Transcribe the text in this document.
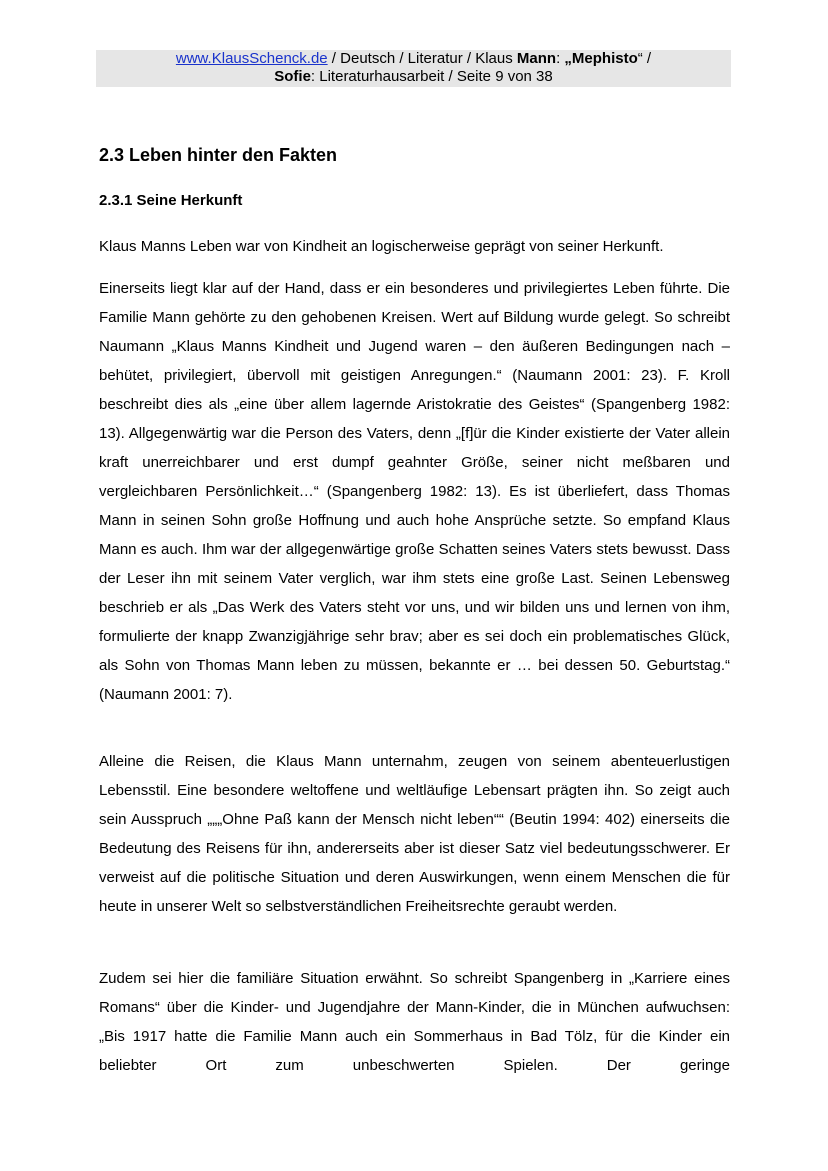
www.KlausSchenck.de / Deutsch / Literatur / Klaus Mann: „Mephisto“ /
Sofie: Literaturhausarbeit / Seite 9 von 38
2.3 Leben hinter den Fakten
2.3.1 Seine Herkunft

Klaus Manns Leben war von Kindheit an logischerweise geprägt von seiner Herkunft.

Einerseits liegt klar auf der Hand, dass er ein besonderes und privilegiertes Leben führte. Die Familie Mann gehörte zu den gehobenen Kreisen. Wert auf Bildung wurde gelegt. So schreibt Naumann „Klaus Manns Kindheit und Jugend waren – den äußeren Bedingungen nach – behütet, privilegiert, übervoll mit geistigen Anregungen.“ (Naumann 2001: 23). F. Kroll beschreibt dies als „eine über allem lagernde Aristokratie des Geistes“ (Spangenberg 1982: 13). Allgegenwärtig war die Person des Vaters, denn „[f]ür die Kinder existierte der Vater allein kraft unerreichbarer und erst dumpf geahnter Größe, seiner nicht meßbaren und vergleichbaren Persönlichkeit…“ (Spangenberg 1982: 13). Es ist überliefert, dass Thomas Mann in seinen Sohn große Hoffnung und auch hohe Ansprüche setzte. So empfand Klaus Mann es auch. Ihm war der allgegenwärtige große Schatten seines Vaters stets bewusst. Dass der Leser ihn mit seinem Vater verglich, war ihm stets eine große Last. Seinen Lebensweg beschrieb er als „Das Werk des Vaters steht vor uns, und wir bilden uns und lernen von ihm, formulierte der knapp Zwanzigjährige sehr brav; aber es sei doch ein problematisches Glück, als Sohn von Thomas Mann leben zu müssen, bekannte er … bei dessen 50. Geburtstag.“ (Naumann 2001: 7).

Alleine die Reisen, die Klaus Mann unternahm, zeugen von seinem abenteuerlustigen Lebensstil. Eine besondere weltoffene und weltläufige Lebensart prägten ihn. So zeigt auch sein Ausspruch „„„Ohne Paß kann der Mensch nicht leben““ (Beutin 1994: 402) einerseits die Bedeutung des Reisens für ihn, andererseits aber ist dieser Satz viel bedeutungsschwerer. Er verweist auf die politische Situation und deren Auswirkungen, wenn einem Menschen die für heute in unserer Welt so selbstverständlichen Freiheitsrechte geraubt werden.

Zudem sei hier die familiäre Situation erwähnt. So schreibt Spangenberg in „Karriere eines Romans“ über die Kinder- und Jugendjahre der Mann-Kinder, die in München aufwuchsen: „Bis 1917 hatte die Familie Mann auch ein Sommerhaus in Bad Tölz, für die Kinder ein beliebter Ort zum unbeschwerten Spielen. Der geringe
